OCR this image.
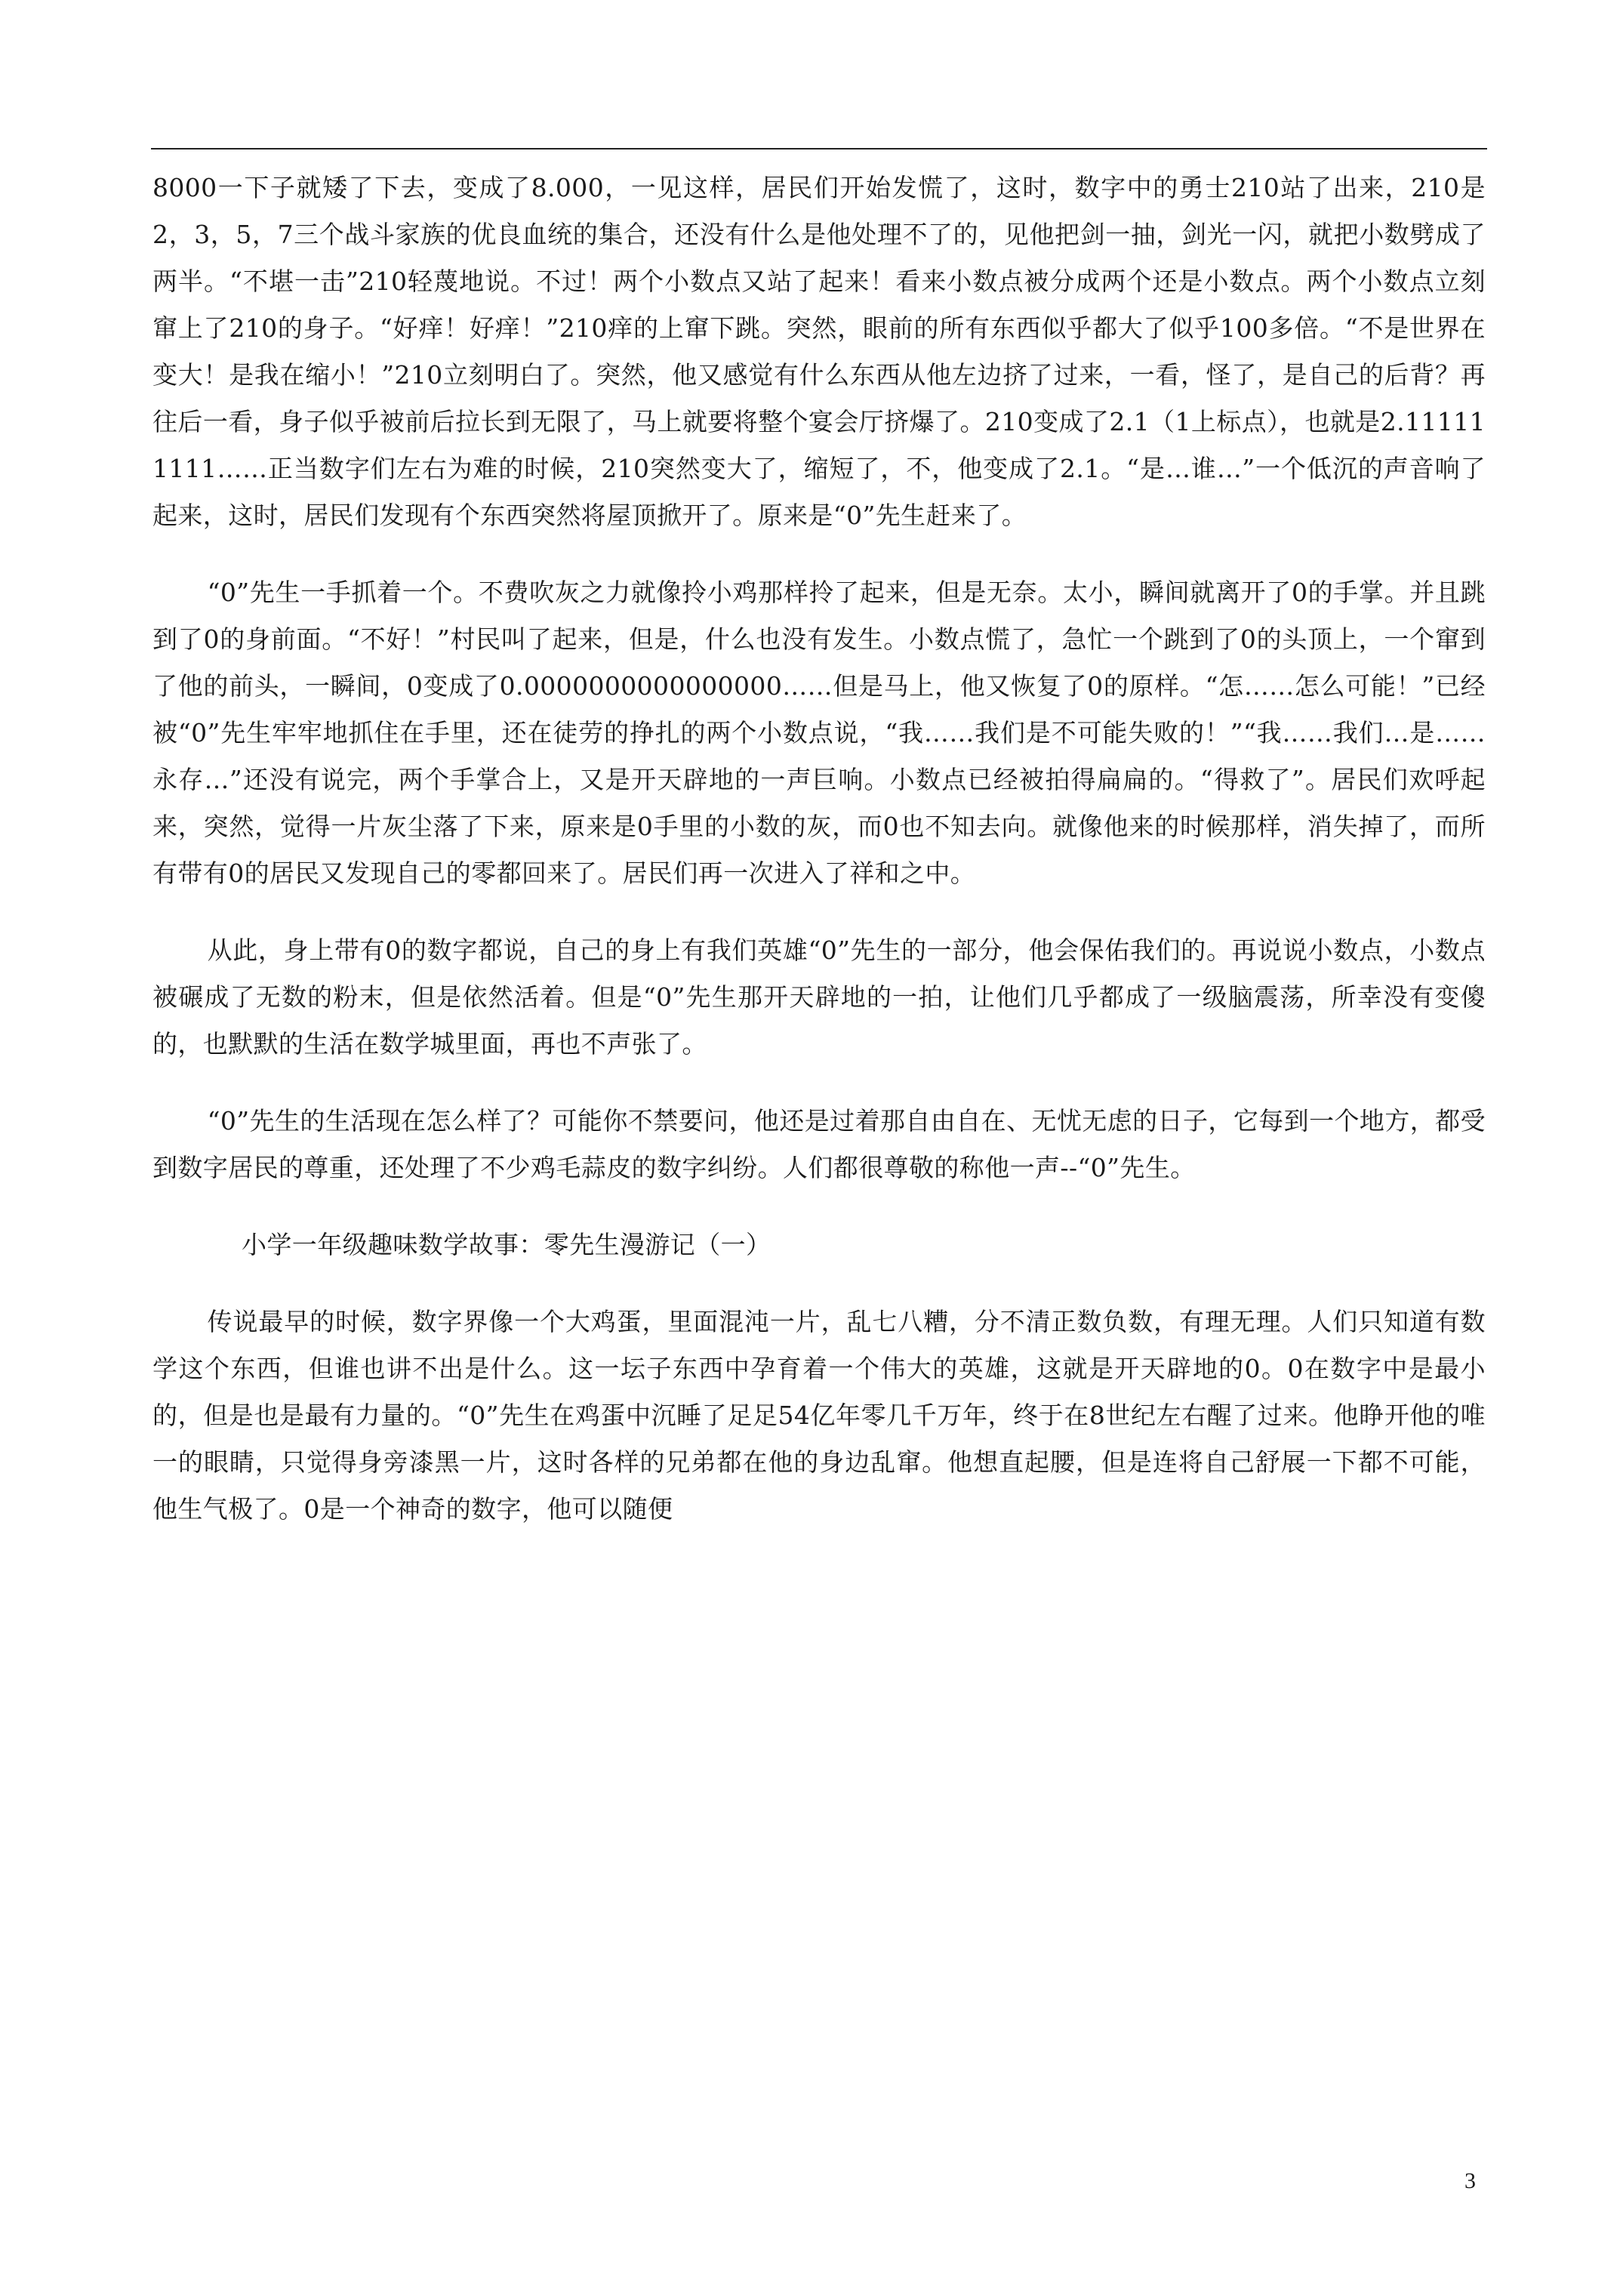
8000一下子就矮了下去，变成了8.000，一见这样，居民们开始发慌了，这时，数字中的勇士210站了出来，210是2，3，5，7三个战斗家族的优良血统的集合，还没有什么是他处理不了的，见他把剑一抽，剑光一闪，就把小数劈成了两半。“不堪一击”210轻蔑地说。不过！两个小数点又站了起来！看来小数点被分成两个还是小数点。两个小数点立刻窜上了210的身子。“好痒！好痒！”210痒的上窜下跳。突然，眼前的所有东西似乎都大了似乎100多倍。“不是世界在变大！是我在缩小！”210立刻明白了。突然，他又感觉有什么东西从他左边挤了过来，一看，怪了，是自己的后背？再往后一看，身子似乎被前后拉长到无限了，马上就要将整个宴会厅挤爆了。210变成了2.1（1上标点），也就是2.111111111……正当数字们左右为难的时候，210突然变大了，缩短了，不，他变成了2.1。“是…谁…”一个低沉的声音响了起来，这时，居民们发现有个东西突然将屋顶掀开了。原来是“0”先生赶来了。

“0”先生一手抓着一个。不费吹灰之力就像拎小鸡那样拎了起来，但是无奈。太小，瞬间就离开了0的手掌。并且跳到了0的身前面。“不好！”村民叫了起来，但是，什么也没有发生。小数点慌了，急忙一个跳到了0的头顶上，一个窜到了他的前头，一瞬间，0变成了0.0000000000000000……但是马上，他又恢复了0的原样。“怎……怎么可能！”已经被“0”先生牢牢地抓住在手里，还在徒劳的挣扎的两个小数点说，“我……我们是不可能失败的！”“我……我们…是……永存…”还没有说完，两个手掌合上，又是开天辟地的一声巨响。小数点已经被拍得扁扁的。“得救了”。居民们欢呼起来，突然，觉得一片灰尘落了下来，原来是0手里的小数的灰，而0也不知去向。就像他来的时候那样，消失掉了，而所有带有0的居民又发现自己的零都回来了。居民们再一次进入了祥和之中。

从此，身上带有0的数字都说，自己的身上有我们英雄“0”先生的一部分，他会保佑我们的。再说说小数点，小数点被碾成了无数的粉末，但是依然活着。但是“0”先生那开天辟地的一拍，让他们几乎都成了一级脑震荡，所幸没有变傻的，也默默的生活在数学城里面，再也不声张了。

“0”先生的生活现在怎么样了？可能你不禁要问，他还是过着那自由自在、无忧无虑的日子，它每到一个地方，都受到数字居民的尊重，还处理了不少鸡毛蒜皮的数字纠纷。人们都很尊敬的称他一声--“0”先生。

小学一年级趣味数学故事：零先生漫游记（一）

传说最早的时候，数字界像一个大鸡蛋，里面混沌一片，乱七八糟，分不清正数负数，有理无理。人们只知道有数学这个东西，但谁也讲不出是什么。这一坛子东西中孕育着一个伟大的英雄，这就是开天辟地的0。0在数字中是最小的，但是也是最有力量的。“0”先生在鸡蛋中沉睡了足足54亿年零几千万年，终于在8世纪左右醒了过来。他睁开他的唯一的眼睛，只觉得身旁漆黑一片，这时各样的兄弟都在他的身边乱窜。他想直起腰，但是连将自己舒展一下都不可能，他生气极了。0是一个神奇的数字，他可以随便

3
